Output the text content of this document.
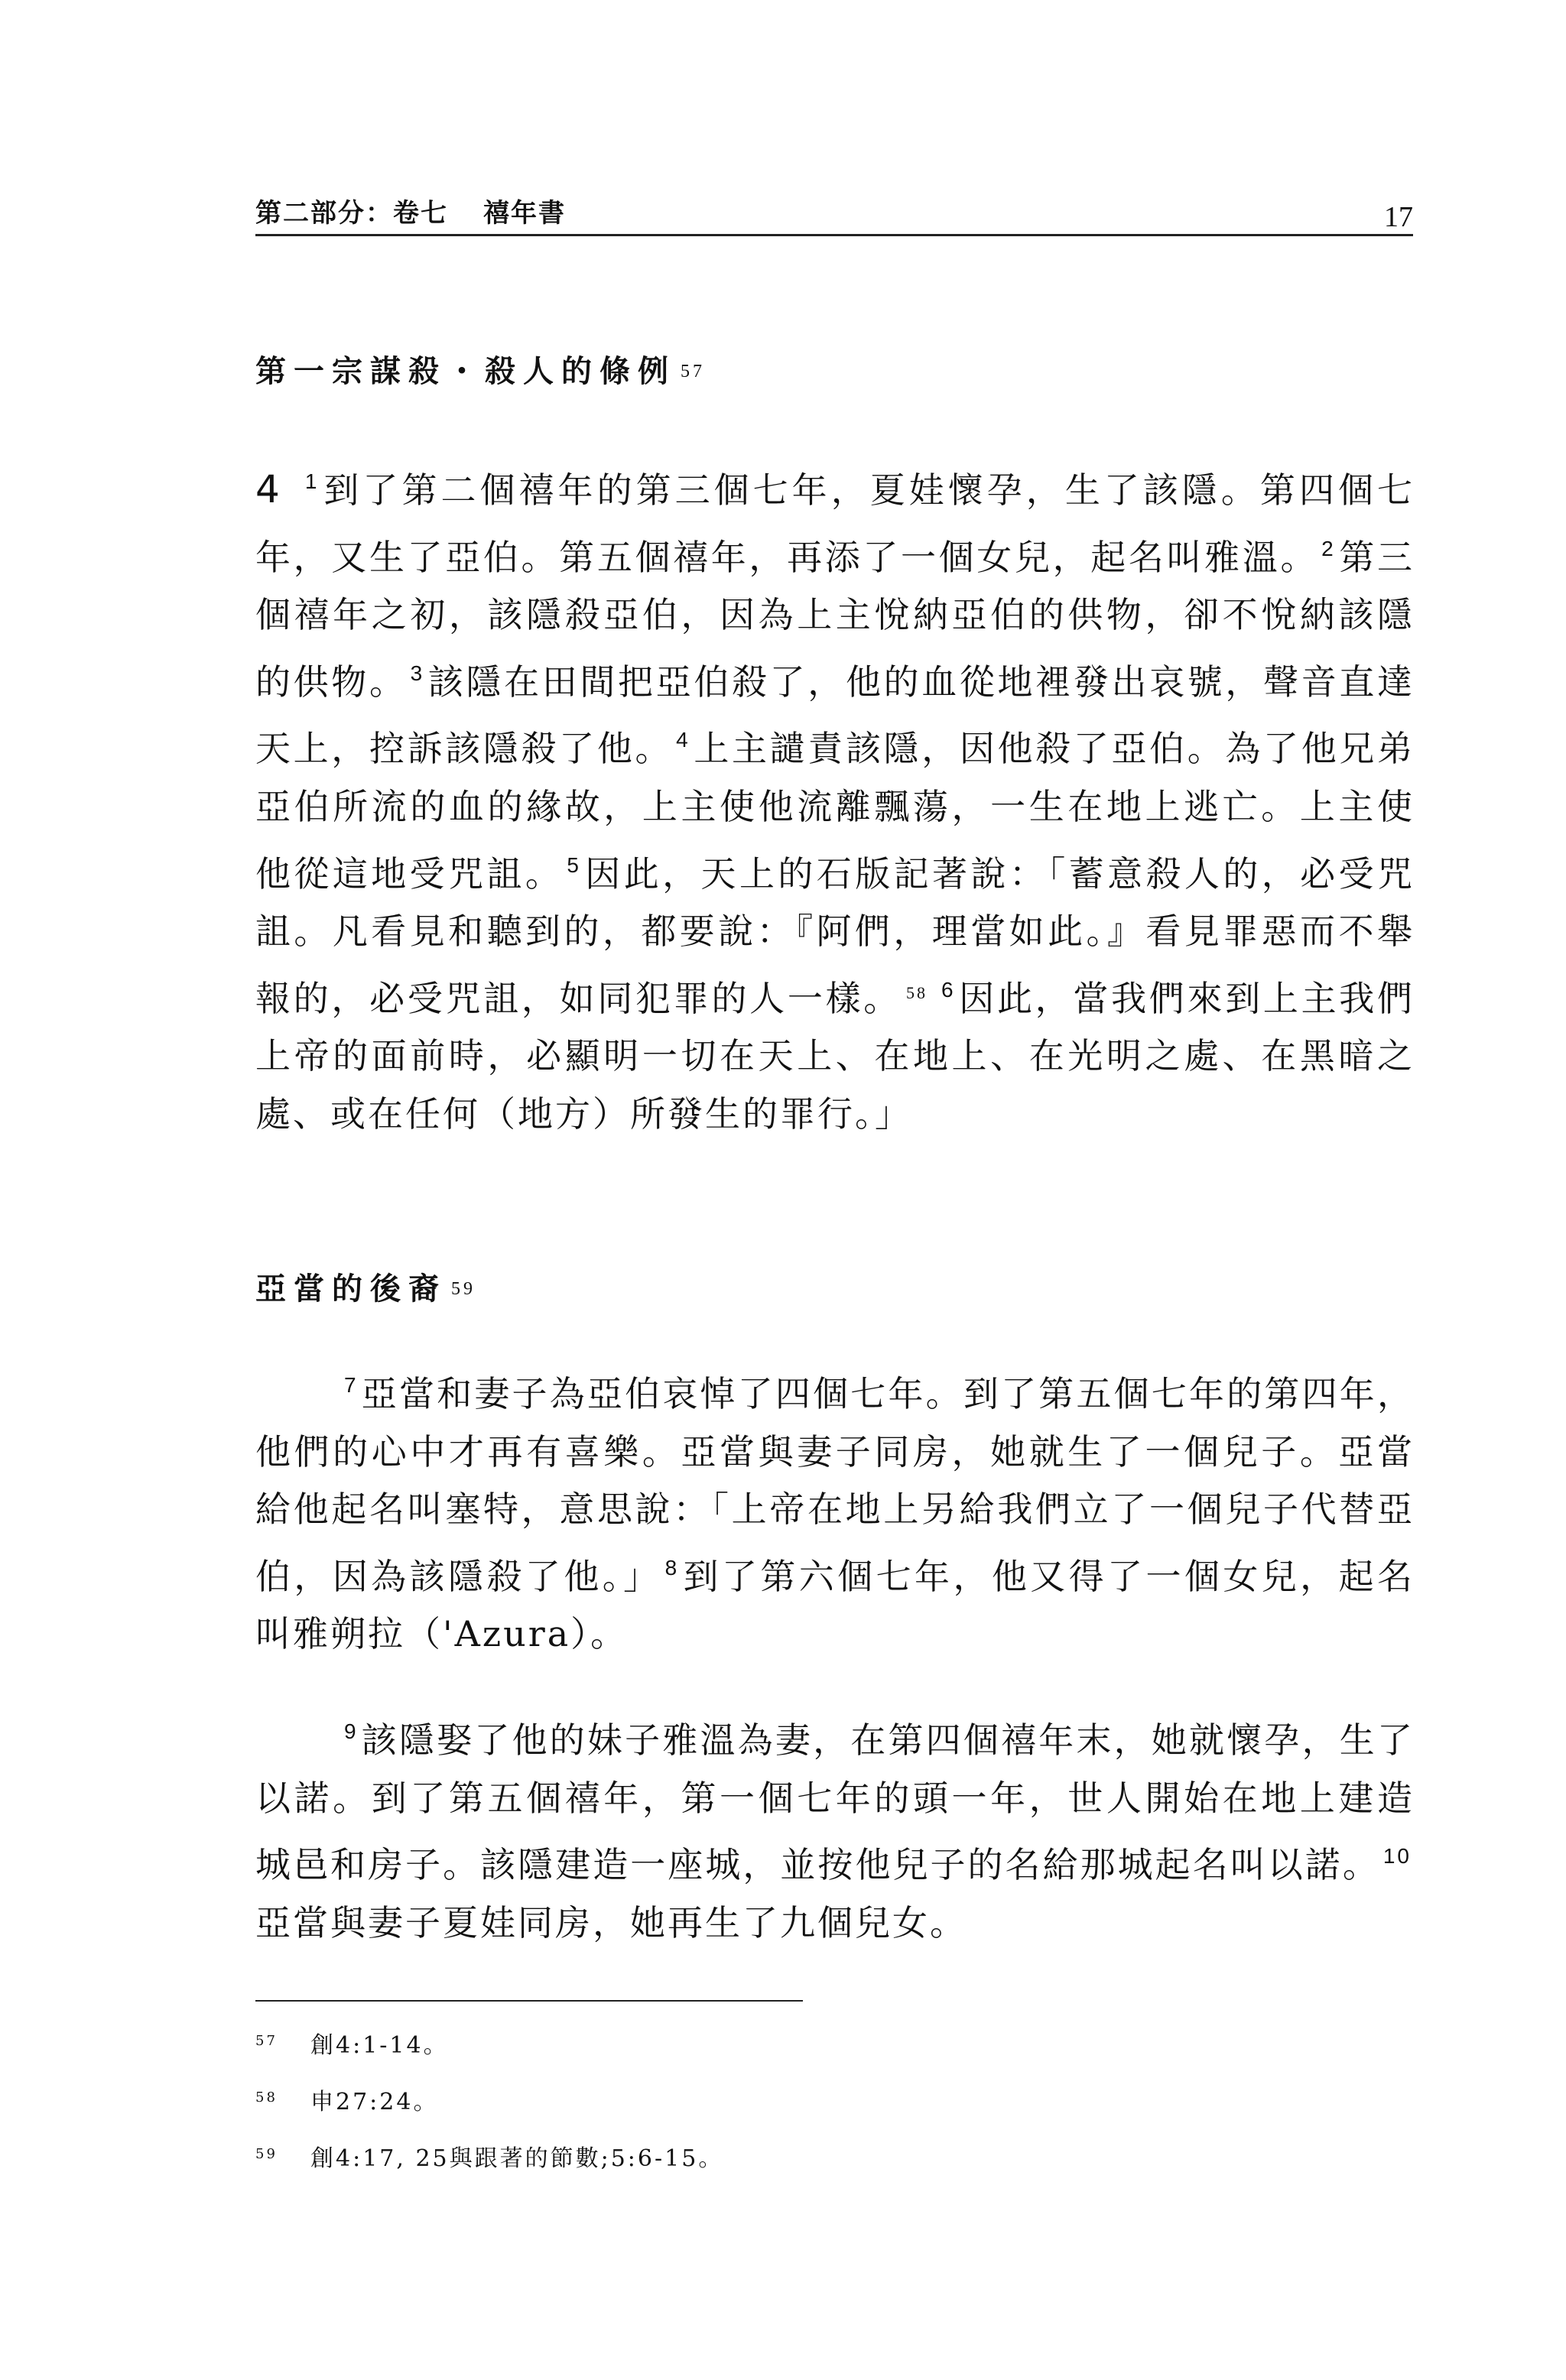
第二部分：卷七 禧年書	17
第一宗謀殺・殺人的條例 $^{57}$

4 $^1$到了第二個禧年的第三個七年，夏娃懷孕，生了該隱。第四個七年，又生了亞伯。第五個禧年，再添了一個女兒，起名叫雅溫。 $^2$第三個禧年之初，該隱殺亞伯，因為上主悅納亞伯的供物，卻不悅納該隱的供物。 $^3$該隱在田間把亞伯殺了，他的血從地裡發出哀號，聲音直達天上，控訴該隱殺了他。 $^4$上主譴責該隱，因他殺了亞伯。為了他兄弟亞伯所流的血的緣故，上主使他流離飄蕩，一生在地上逃亡。上主使他從這地受咒詛。 $^5$因此，天上的石版記著說：「蓄意殺人的，必受咒詛。凡看見和聽到的，都要說：『阿們，理當如此。』看見罪惡而不舉報的，必受咒詛，如同犯罪的人一樣。 $^{58}$ $^6$因此，當我們來到上主我們上帝的面前時，必顯明一切在天上、在地上、在光明之處、在黑暗之處、或在任何（地方）所發生的罪行。」

亞當的後裔 $^{59}$

$^7$亞當和妻子為亞伯哀悼了四個七年。到了第五個七年的第四年，他們的心中才再有喜樂。亞當與妻子同房，她就生了一個兒子。亞當給他起名叫塞特，意思說：「上帝在地上另給我們立了一個兒子代替亞伯，因為該隱殺了他。」 $^8$到了第六個七年，他又得了一個女兒，起名叫雅朔拉（'Azura）。

$^9$該隱娶了他的妹子雅溫為妻，在第四個禧年末，她就懷孕，生了以諾。到了第五個禧年，第一個七年的頭一年，世人開始在地上建造城邑和房子。該隱建造一座城，並按他兒子的名給那城起名叫以諾。 $^{10}$亞當與妻子夏娃同房，她再生了九個兒女。

57 創4:1-14。
58 申27:24。
59 創4:17, 25與跟著的節數;5:6-15。
